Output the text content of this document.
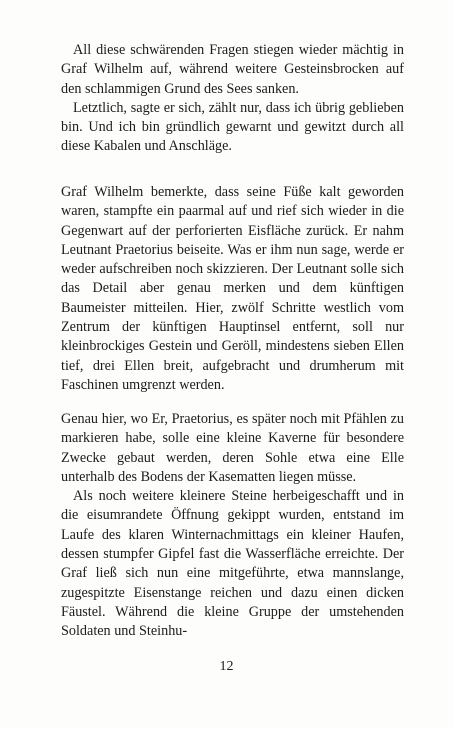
All diese schwärenden Fragen stiegen wieder mächtig in Graf Wilhelm auf, während weitere Gesteinsbrocken auf den schlammigen Grund des Sees sanken.

Letztlich, sagte er sich, zählt nur, dass ich übrig geblieben bin. Und ich bin gründlich gewarnt und gewitzt durch all diese Kabalen und Anschläge.

Graf Wilhelm bemerkte, dass seine Füße kalt geworden waren, stampfte ein paarmal auf und rief sich wieder in die Gegenwart auf der perforierten Eisfläche zurück. Er nahm Leutnant Praetorius beiseite. Was er ihm nun sage, werde er weder aufschreiben noch skizzieren. Der Leutnant solle sich das Detail aber genau merken und dem künftigen Baumeister mitteilen. Hier, zwölf Schritte westlich vom Zentrum der künftigen Hauptinsel entfernt, soll nur kleinbrockiges Gestein und Geröll, mindestens sieben Ellen tief, drei Ellen breit, aufgebracht und drumherum mit Faschinen umgrenzt werden.

Genau hier, wo Er, Praetorius, es später noch mit Pfählen zu markieren habe, solle eine kleine Kaverne für besondere Zwecke gebaut werden, deren Sohle etwa eine Elle unterhalb des Bodens der Kasematten liegen müsse.

Als noch weitere kleinere Steine herbeigeschafft und in die eisumrandete Öffnung gekippt wurden, entstand im Laufe des klaren Winternachmittags ein kleiner Haufen, dessen stumpfer Gipfel fast die Wasserfläche erreichte. Der Graf ließ sich nun eine mitgeführte, etwa mannslange, zugespitzte Eisenstange reichen und dazu einen dicken Fäustel. Während die kleine Gruppe der umstehenden Soldaten und Steinhu-

12
